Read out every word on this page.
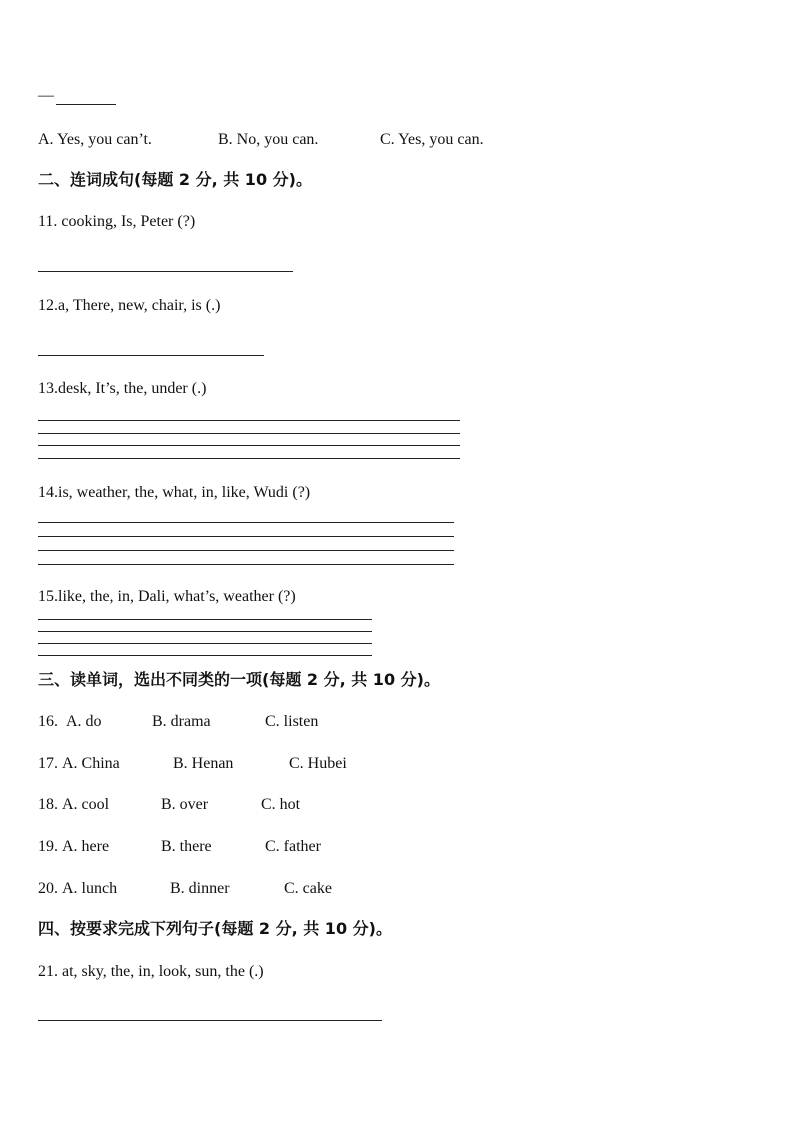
—
A. Yes, you can’t.	B. No, you can.	C. Yes, you can.
二、连词成句(每题 2 分, 共 10 分)。
11. cooking, Is, Peter (?)
12.a, There, new, chair, is (.)
13.desk, It’s, the, under (.)
14.is, weather, the, what, in, like, Wudi (?)
15.like, the, in, Dali, what’s, weather (?)
三、读单词，选出不同类的一项(每题 2 分, 共 10 分)。
16. A. do	B. drama	C. listen
17. A. China	B. Henan	C. Hubei
18. A. cool	B. over	C. hot
19. A. here	B. there	C. father
20. A. lunch	B. dinner	C. cake
四、按要求完成下列句子(每题 2 分, 共 10 分)。
21. at, sky, the, in, look, sun, the (.)
